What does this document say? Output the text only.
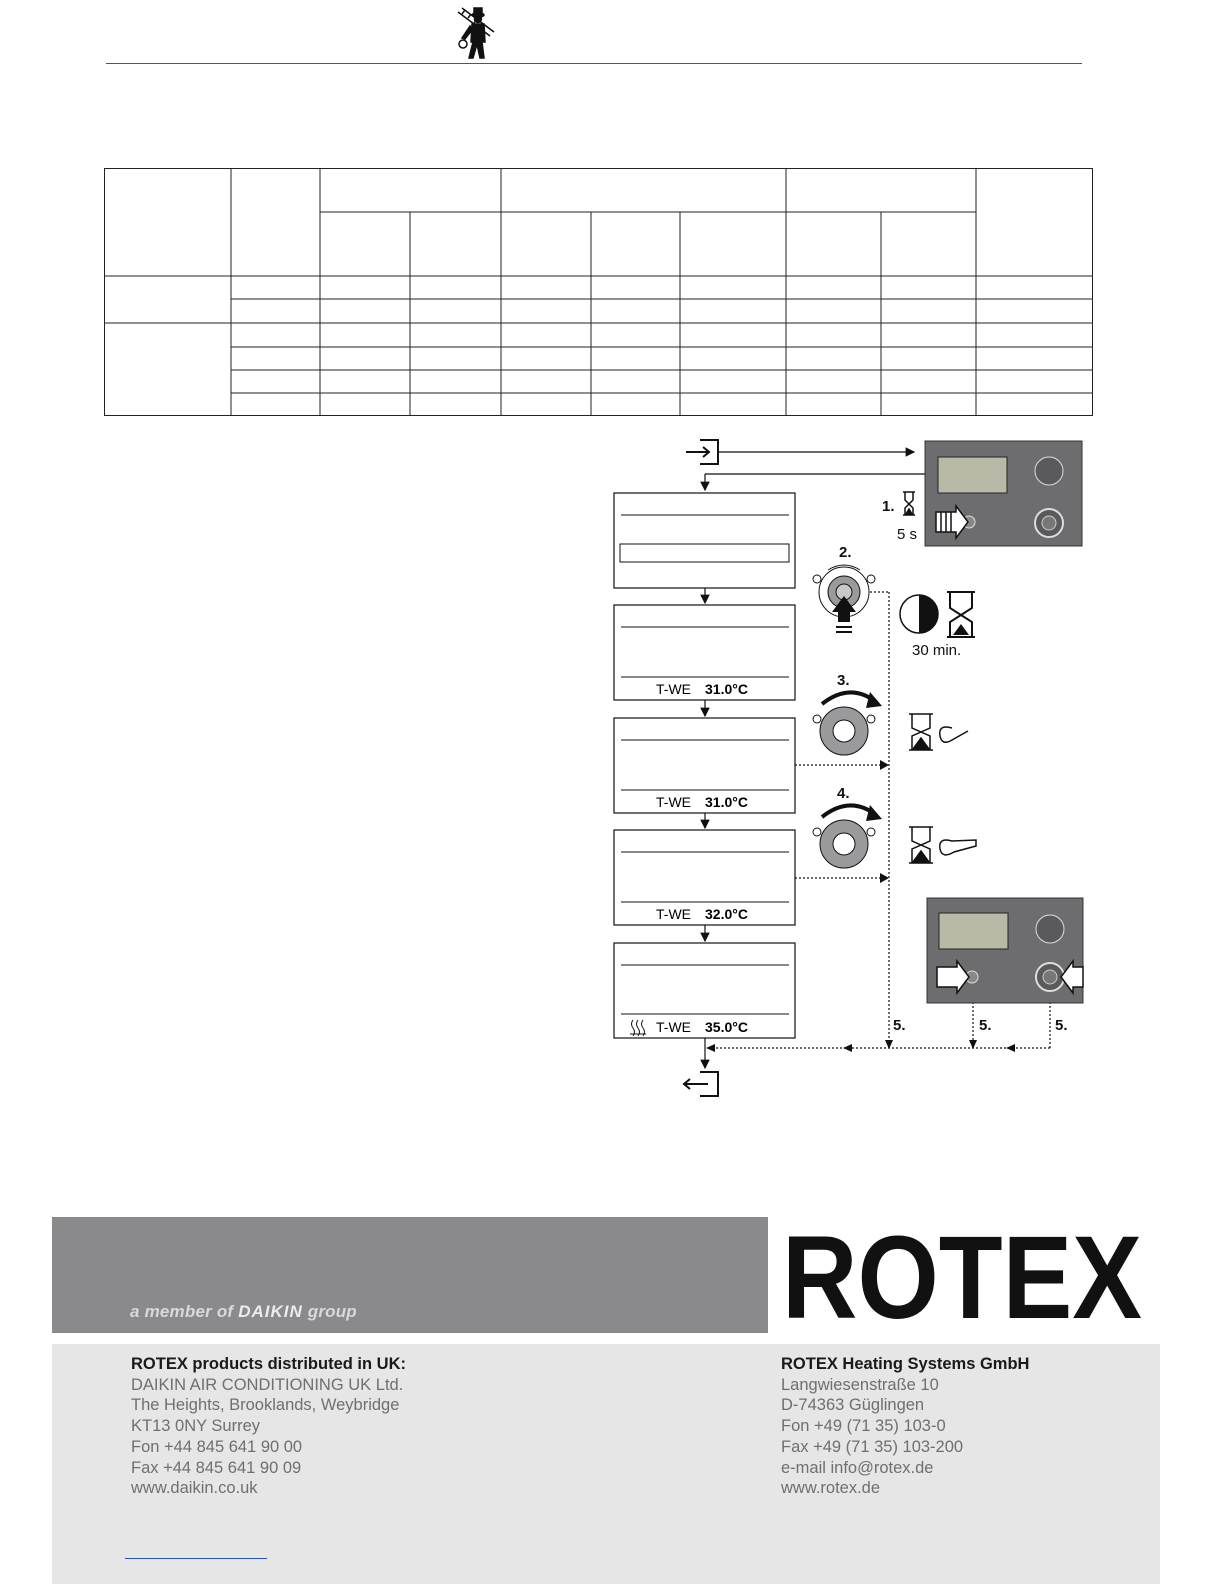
1.
5 s
T-WE 31.0°C
T-WE 31.0°C
T-WE 32.0°C
T-WE 35.0°C
2.
30 min.
3.
4.
5.	5.	5.
a member of DAIKIN group	ROTEX
ROTEX products distributed in UK:
DAIKIN AIR CONDITIONING UK Ltd.
The Heights, Brooklands, Weybridge
KT13 0NY Surrey
Fon +44 845 641 90 00
Fax +44 845 641 90 09
www.daikin.co.uk
ROTEX Heating Systems GmbH
Langwiesenstraße 10
D-74363 Güglingen
Fon +49 (71 35) 103-0
Fax +49 (71 35) 103-200
e-mail info@rotex.de
www.rotex.de
